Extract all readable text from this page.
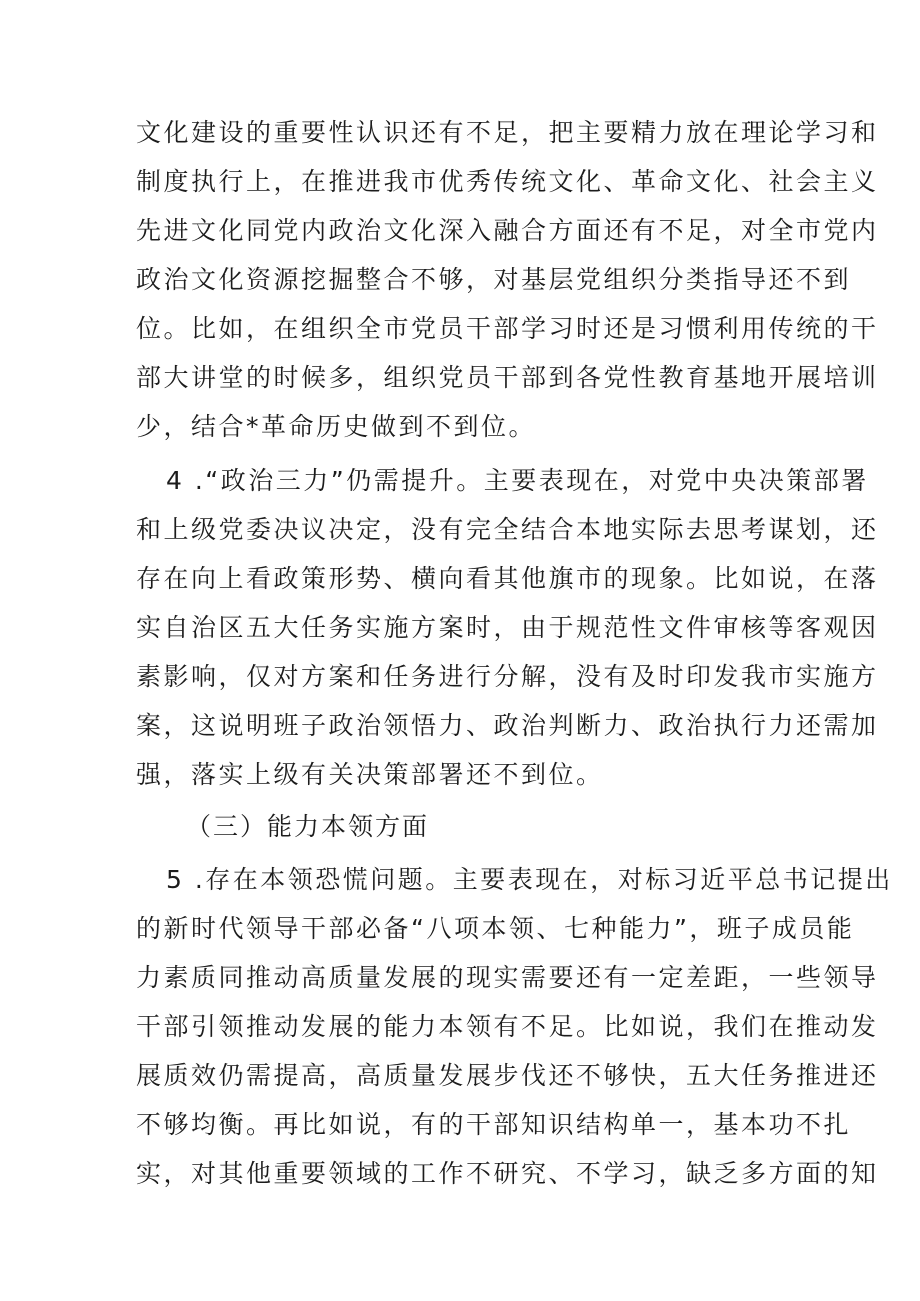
文化建设的重要性认识还有不足，把主要精力放在理论学习和

制度执行上，在推进我市优秀传统文化、革命文化、社会主义

先进文化同党内政治文化深入融合方面还有不足，对全市党内

政治文化资源挖掘整合不够，对基层党组织分类指导还不到

位。比如，在组织全市党员干部学习时还是习惯利用传统的干

部大讲堂的时候多，组织党员干部到各党性教育基地开展培训

少，结合*革命历史做到不到位。

4 .“政治三力”仍需提升。主要表现在，对党中央决策部署

和上级党委决议决定，没有完全结合本地实际去思考谋划，还

存在向上看政策形势、横向看其他旗市的现象。比如说，在落

实自治区五大任务实施方案时，由于规范性文件审核等客观因

素影响，仅对方案和任务进行分解，没有及时印发我市实施方

案，这说明班子政治领悟力、政治判断力、政治执行力还需加

强，落实上级有关决策部署还不到位。

（三）能力本领方面

5 .存在本领恐慌问题。主要表现在，对标习近平总书记提出

的新时代领导干部必备“八项本领、七种能力”，班子成员能

力素质同推动高质量发展的现实需要还有一定差距，一些领导

干部引领推动发展的能力本领有不足。比如说，我们在推动发

展质效仍需提高，高质量发展步伐还不够快，五大任务推进还

不够均衡。再比如说，有的干部知识结构单一，基本功不扎

实，对其他重要领域的工作不研究、不学习，缺乏多方面的知
